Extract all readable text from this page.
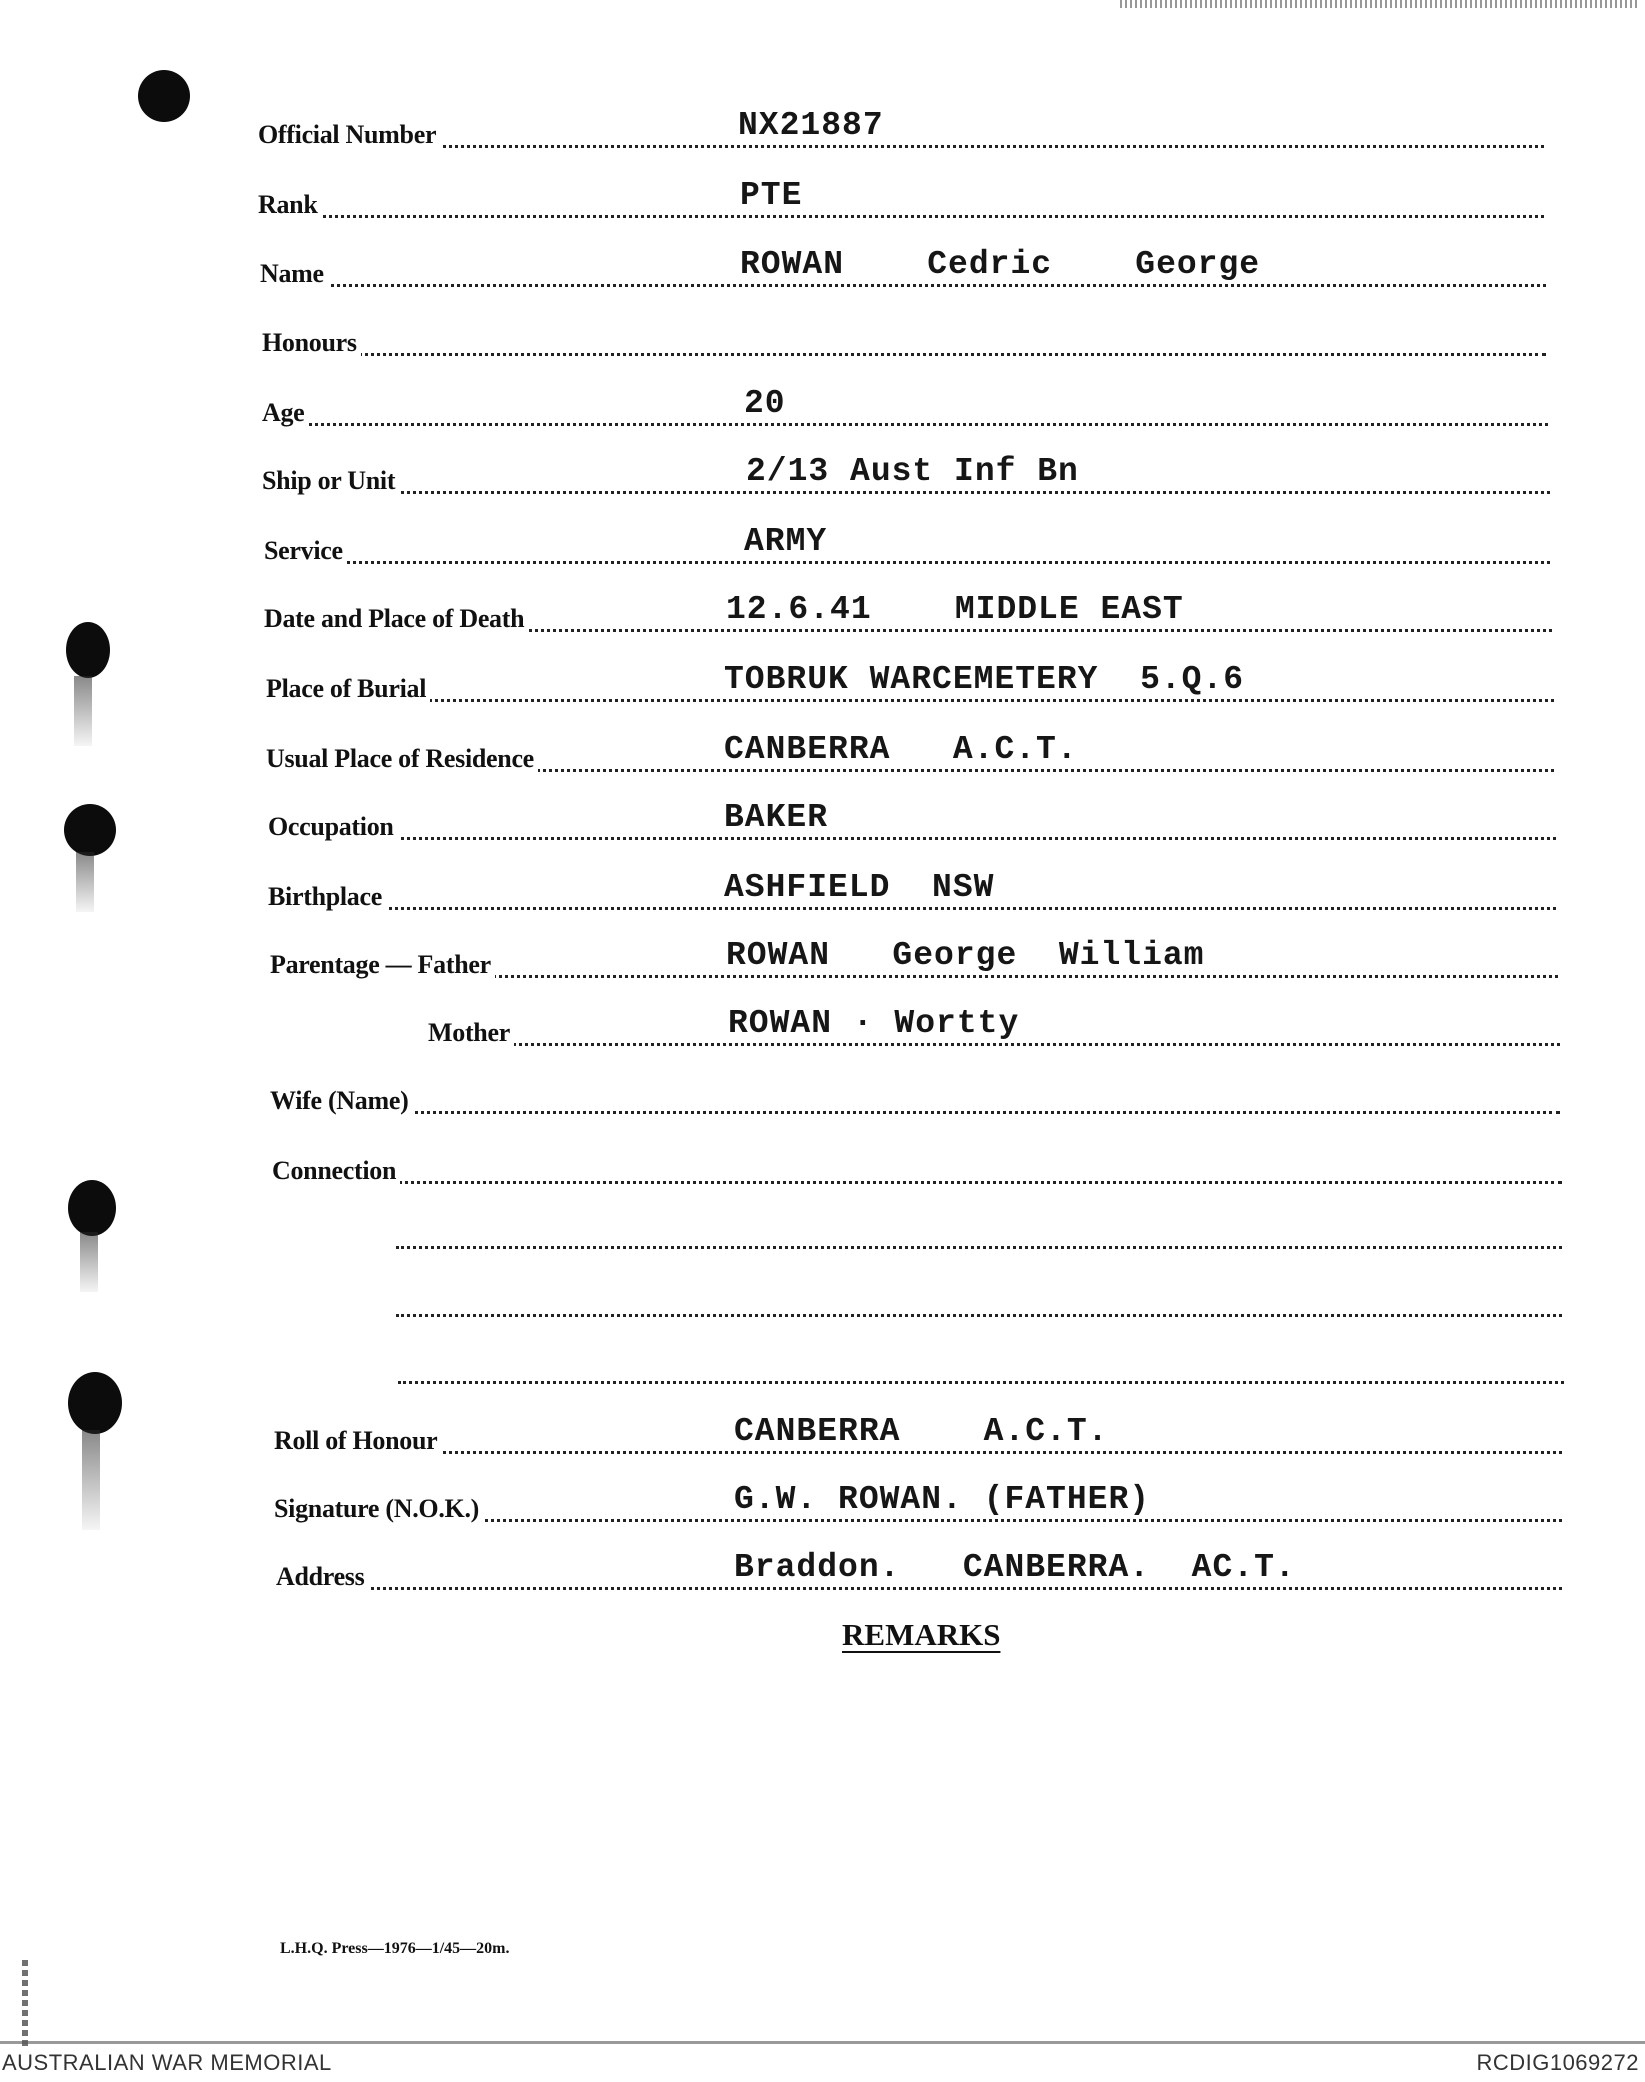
Official Number	NX21887
Rank	PTE
Name	ROWAN    Cedric    George
Honours
Age	20
Ship or Unit	2/13 Aust Inf Bn
Service	ARMY
Date and Place of Death	12.6.41    MIDDLE EAST
Place of Burial	TOBRUK WARCEMETERY  5.Q.6
Usual Place of Residence	CANBERRA   A.C.T.
Occupation	BAKER
Birthplace	ASHFIELD  NSW
Parentage — Father	ROWAN   George  William
Mother	ROWAN · Wortty
Wife (Name)
Connection
Roll of Honour	CANBERRA    A.C.T.
Signature (N.O.K.)	G.W. ROWAN. (FATHER)
Address	Braddon.   CANBERRA.  AC.T.
REMARKS
L.H.Q. Press—1976—1/45—20m.
AUSTRALIAN WAR MEMORIAL	RCDIG1069272
